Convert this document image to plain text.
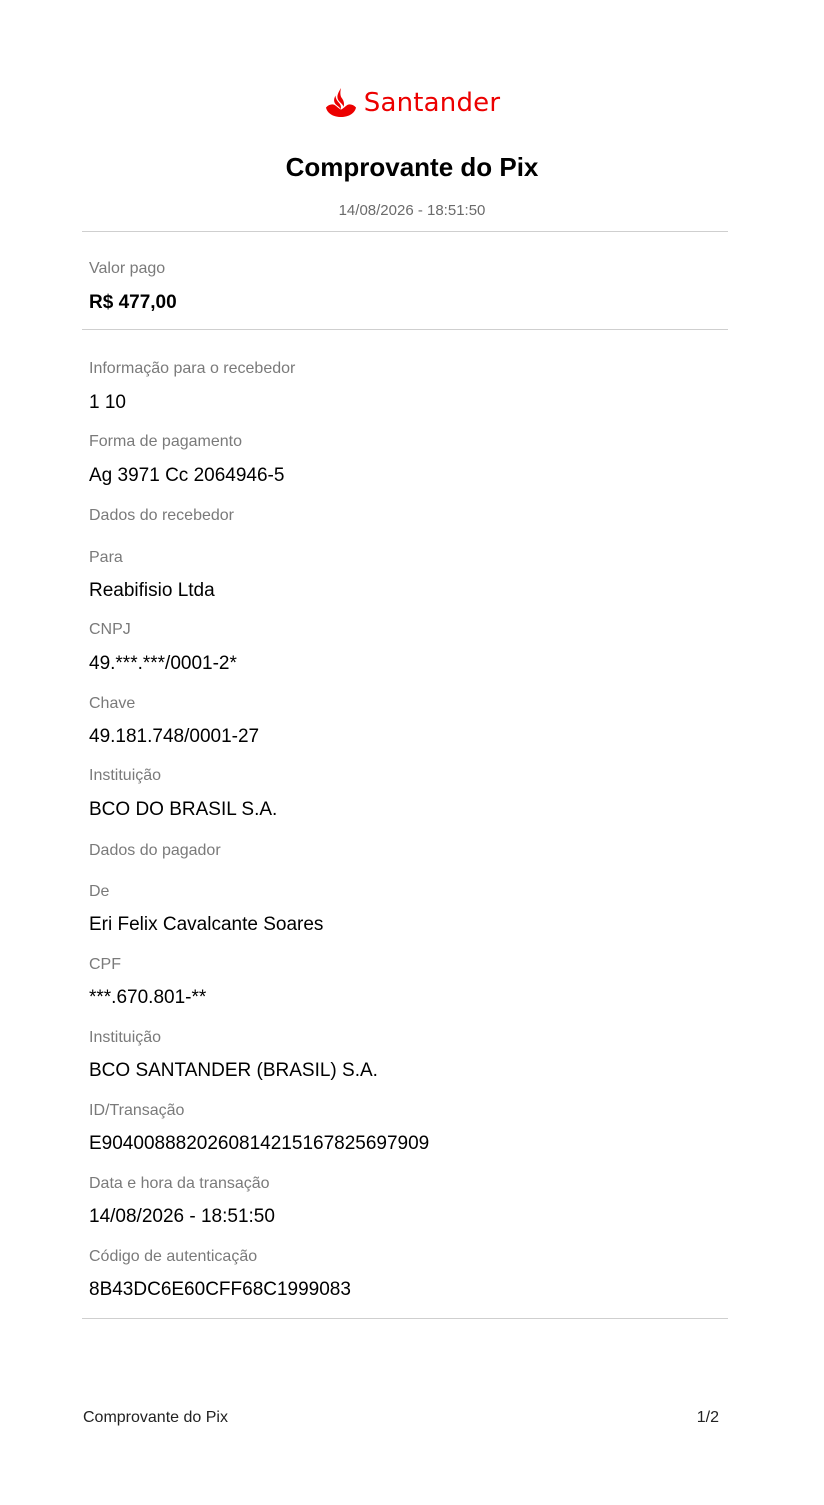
Santander
Comprovante do Pix
14/08/2026 - 18:51:50
Valor pago
R$ 477,00
Informação para o recebedor
1 10
Forma de pagamento
Ag 3971 Cc 2064946-5
Dados do recebedor
Para
Reabifisio Ltda
CNPJ
49.***.***/0001-2*
Chave
49.181.748/0001-27
Instituição
BCO DO BRASIL S.A.
Dados do pagador
De
Eri Felix Cavalcante Soares
CPF
***.670.801-**
Instituição
BCO SANTANDER (BRASIL) S.A.
ID/Transação
E90400888202608142151678256979​09
Data e hora da transação
14/08/2026 - 18:51:50
Código de autenticação
8B43DC6E60CFF68C1999083
Comprovante do Pix	1/2
